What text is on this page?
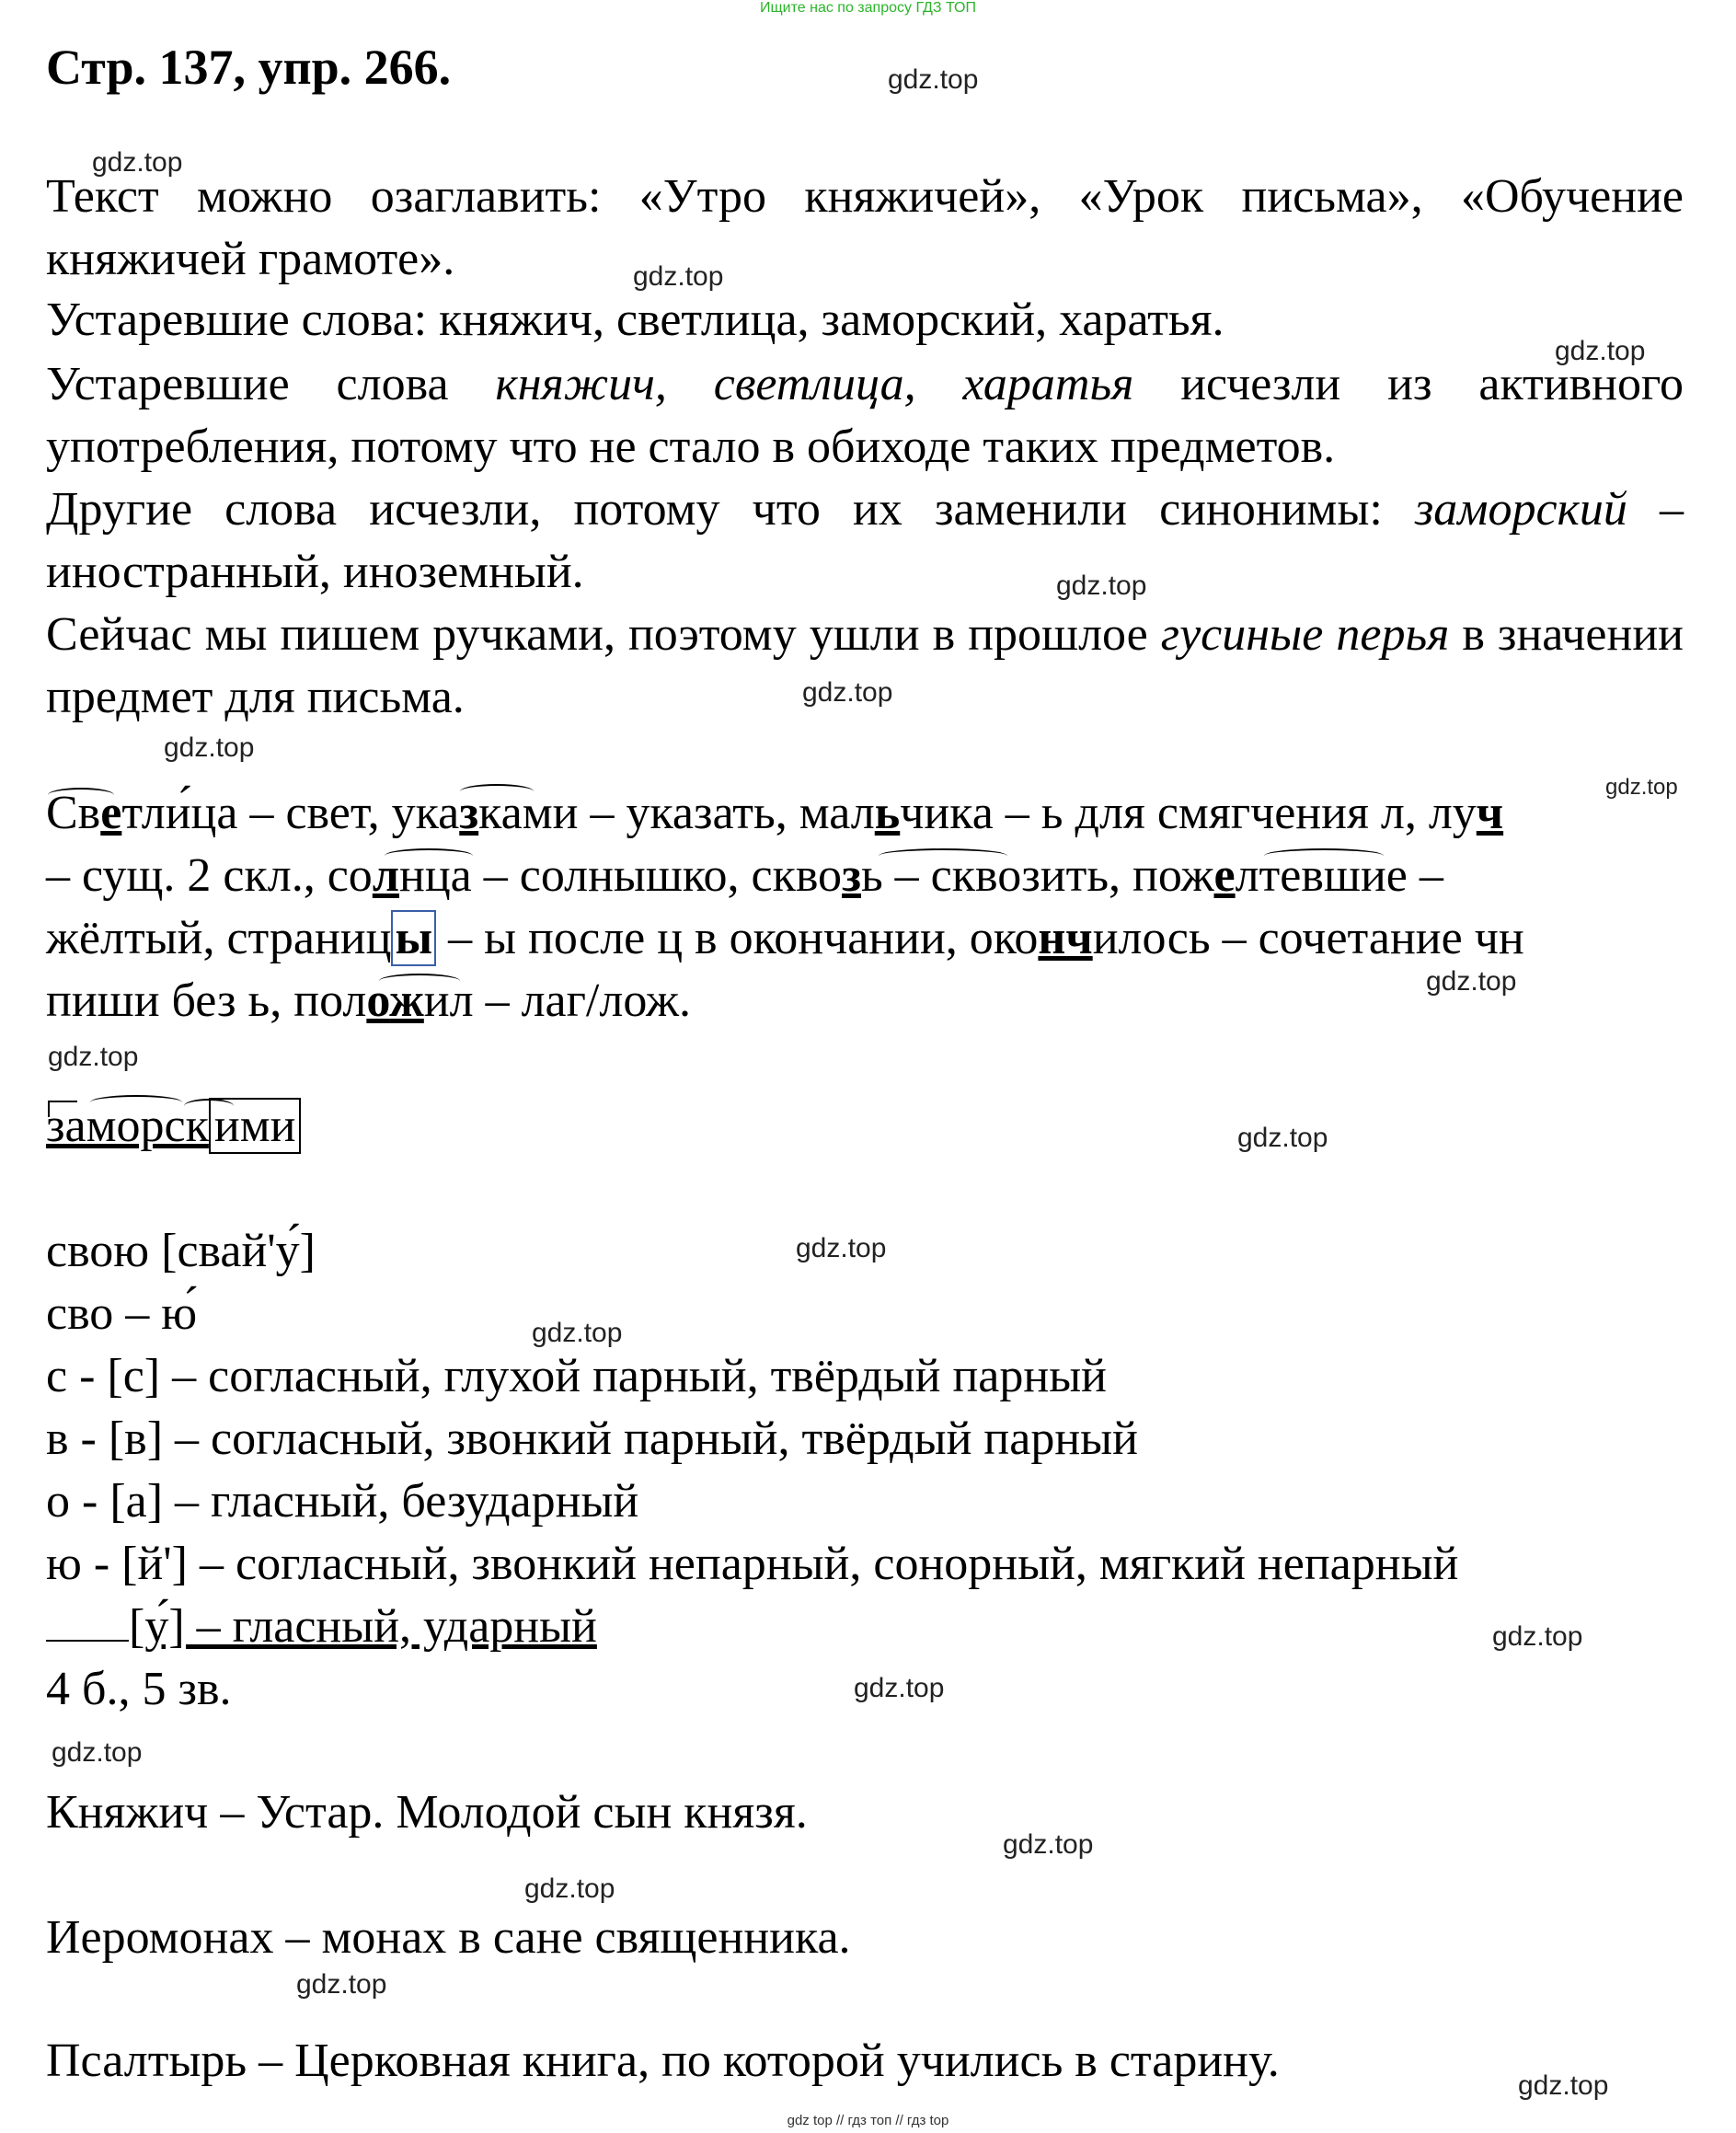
Ищите нас по запросу ГДЗ ТОП
Стр. 137, упр. 266.
Текст можно озаглавить: «Утро княжичей», «Урок письма», «Обучение княжичей грамоте».
Устаревшие слова: княжич, светлица, заморский, харатья.
Устаревшие слова княжич, светлица, харатья исчезли из активного употребления, потому что не стало в обиходе таких предметов.
Другие слова исчезли, потому что их заменили синонимы: заморский – иностранный, иноземный.
Сейчас мы пишем ручками, поэтому ушли в прошлое гусиные перья в значении предмет для письма.
Светли́ца – свет, указками – указать, мальчика – ь для смягчения л, луч
– сущ. 2 скл., солнца – солнышко, сквозь – сквозить, пожелтевшие –
жёлтый, страницы – ы после ц в окончании, окончилось – сочетание чн
пиши без ь, положил – лаг/лож.
заморск ими
свою [свай'у́]
сво – ю́
с - [с] – согласный, глухой парный, твёрдый парный
в - [в] – согласный, звонкий парный, твёрдый парный
о - [а] – гласный, безударный
ю - [й'] – согласный, звонкий непарный, сонорный, мягкий непарный
[у́] – гласный, ударный
4 б., 5 зв.
Княжич – Устар. Молодой сын князя.
Иеромонах – монах в сане священника.
Псалтырь – Церковная книга, по которой учились в старину.
gdz.top
gdz.top
gdz.top
gdz.top
gdz.top
gdz.top
gdz.top
gdz.top
gdz.top
gdz.top
gdz.top
gdz.top
gdz.top
gdz.top
gdz.top
gdz.top
gdz.top
gdz.top
gdz.top
gdz.top
gdz top // гдз топ // гдз top
